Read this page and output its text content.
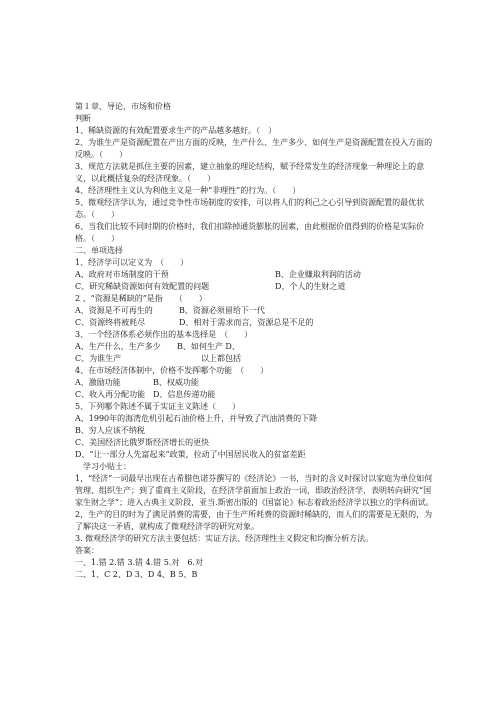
第１章、导论，市场和价格
判断
1、稀缺资源的有效配置要求生产的产品越多越好。（　）
2、为谁生产是资源配置在产出方面的反映，生产什么、生产多少、如何生产是资源配置在投入方面的反映。（　　）
3、规范方法就是抓住主要的因素，建立抽象的理论结构，赋予经常发生的经济现象一种理论上的意义，以此概括复杂的经济现象。（　　）
4、经济理性主义认为利他主义是一种“非理性”的行为。（　　）
5、微观经济学认为，通过竞争性市场制度的安排，可以将人们的利己之心引导到资源配置的最优状态。（　　）
6、当我们比较不同时期的价格时，我们扣除掉通货膨胀的因素，由此根据价值得到的价格是实际价格。（　　）
二、单项选择
1、经济学可以定义为　（　　）
A、政府对市场制度的干预	B、企业赚取利润的活动
C、研究稀缺资源如何有效配置的问题	D、个人的生财之道
2 、“资源是稀缺的”是指　　（　　）
A、资源是不可再生的	B、资源必须留给下一代
C、资源终将被耗尽	D、相对于需求而言，资源总是不足的
3、一个经济体系必须作出的基本选择是　（　　）
A、生产什么，生产多少	B、如何生产 D、
C、为谁生产	以上都包括
4、在市场经济体制中，价格不发挥哪个功能　（　　）
A、激励功能	B、权威功能
C、收入再分配功能 D、信息传递功能
5、下列哪个陈述不属于实证主义陈述（　　）
A、1990年的海湾危机引起石油价格上升，并导致了汽油消费的下降
B、穷人应该不纳税
C、美国经济比俄罗斯经济增长的更快
D、“让一部分人先富起来”政策，拉动了中国居民收入的贫富差距
学习小贴士：
1，“经济”一词最早出现在古希腊色诺芬撰写的《经济论》一书，当时的含义时探讨以家庭为单位如何管理、组织生产；到了重商主义阶段，在经济学前面加上政治一词，即政治经济学，表明转向研究“国家生财之学”；进入古典主义阶段，亚当.斯密出版的《国富论》标志着政治经济学以独立的学科面试。
2，生产的目的时为了满足消费的需要，由于生产所耗费的资源时稀缺的，而人们的需要是无限的，为了解决这一矛盾，就构成了微观经济学的研究对象。
3. 微观经济学的研究方法主要包括：实证方法、经济理性主义假定和均衡分析方法。
答案：
一、1.错 2.错 3.错 4.错 5.对　6.对
二、1、C 2、D 3、D 4、B 5、B
